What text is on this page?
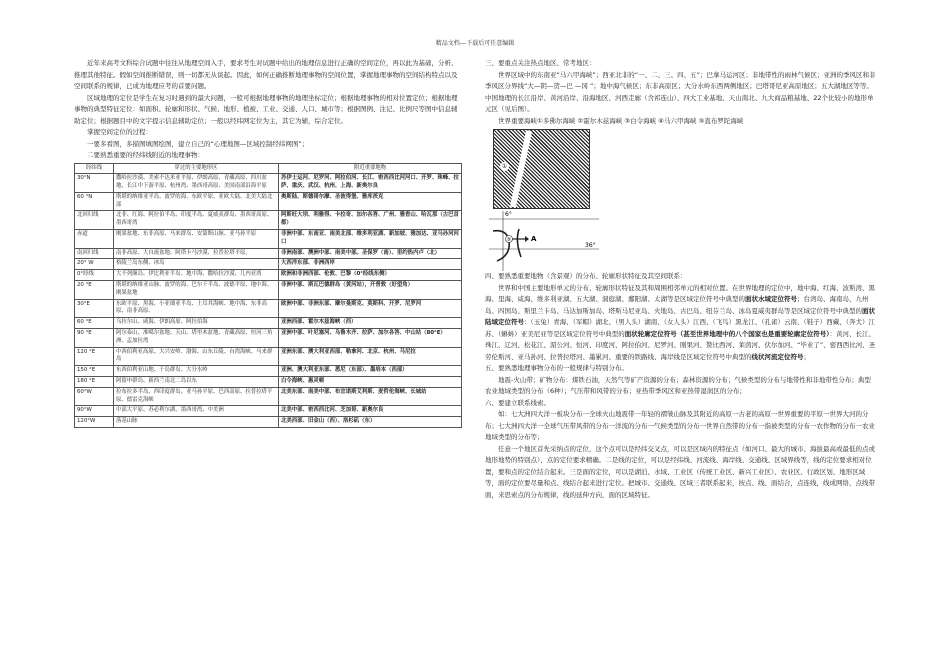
精品文档---下载后可任意编辑

近年来高考文科综合试题中往往从地理空间入手，要求考生对试题中给出的地理信息进行正确的空间定位，再以此为基础，分析、推理其他特征。假如空间推断错误，则一切都无从谈起。因此，如何正确推断地理事物的空间位置，掌握地理事物的空间结构特点以及空间联系的规律，已成为地理应考的首要问题。

区域地理的定位是学生在复习时遇到的最大问题，一般可根据地理事物的地理坐标定位；根据地理事物的相对位置定位；根据地理事物的典型特征定位：如面积、轮廓和形状、气候、地形、植被、工业、交通、人口、城市等；根据图例、注记、比例尺等图中信息辅助定位；根据题目中的文字提示信息辅助定位；一般以经纬网定位为主，其它为辅，综合定位。

掌握空间定位的过程：

一要多看图，多描图填图绘图，建立自己的“心理地图—区域控制经纬网图”；

二要熟悉重要的经纬线附近的地理事物：

经纬线	穿过的主要地形区	附近重要地物
30°N	撒哈拉沙漠、美索不达米亚平原、伊朗高原、青藏高原、四川盆地、长江中下游平原、杭州湾、墨西哥高原、美国南部沿海平原	苏伊士运河、尼罗河、阿拉伯河、长江、密西西比河河口、开罗、珠峰、拉萨、重庆、武汉、杭州、上海、新奥尔良
60 °N	斯堪的纳维亚半岛、波罗的海、东欧平原、亚欧大陆、北美大陆北部	奥斯陆、斯德哥尔摩、圣彼得堡、雅库茨克
北回归线	北非、红海、阿拉伯半岛、印度半岛、夏威夷群岛、墨西哥高原、墨西哥湾	阿斯旺大坝、利雅得、卡拉奇、加尔各答、广州、雅香山、哈瓦那（古巴首都）
赤道	刚果盆地、东非高原、马来群岛、安第斯山脉、亚马孙平原	非洲中部、东南亚、南美北部、维多利亚湖、新加坡、雅加达、亚马孙河河口
南回归线	南非高原、大自流盆地、阿塔卡马沙漠、拉普拉塔平原。	非洲南部、澳洲中部、南美中部。圣保罗（南）、里约热内卢（北）
20° W	格陵兰岛东侧、冰岛	大西洋东部、非洲西岸
0°经线	大不列颠岛、伊比利亚半岛、地中海、撒哈拉沙漠、几内亚湾	欧洲和非洲西部、伦敦、巴黎（0°经线东侧）
20 °E	斯堪的纳维亚山脉、波罗的海、巴尔干半岛、波德平原、地中海、刚果盆地	非洲中部、斯瓦巴德群岛（黄河站），开普敦（好望角）
30°E	东欧平原、黑海、小亚细亚半岛、土耳其海峡、地中海、东非高原、南非高原、	欧洲中部、非洲东部、摩尔曼斯克、莫斯科、开罗、尼罗河
60 °E	乌拉尔山、咸海、伊朗高原、阿拉伯海	亚洲西部、霍尔木兹海峡（西）
90 °E	阿尔泰山、准噶尔盆地、天山、塔里木盆地、青藏高原、恒河三角洲、孟加拉湾	亚洲中部、叶尼塞河、乌鲁木齐、拉萨、加尔各答、中山站（80°E）
120 °E	中西伯利亚高原、大兴安岭、渤海、山东丘陵、台湾海峡、马来群岛	亚洲东部、澳大利亚西部、勒拿河、北京、杭州、马尼拉
150 °E	东西伯利亚山地、千岛群岛、大分水岭	亚洲、澳大利亚东部、悉尼（东部）、墨培本（西部）
180 °E	阿留申群岛、新西兰南北二岛以东	白令海峡、惠灵顿
60°W	拉布拉多半岛、西印度群岛、亚马孙平原、巴西高原、拉普拉塔平原、德雷克海峡	北美东部、南美中部、布宜诺斯艾利斯、麦哲伦海峡、长城站
90°W	中部大平原、苏必利尔湖、墨西哥湾、中美洲	北美中部、密西西比河、芝加哥、新奥尔良
120°W	落基山脉	北美西部、旧金山（西）、洛杉矶（东）

三、要重点关注热点地区、常考地区：

世界区域中的东南亚“马六甲海峡”；西亚北非的“一、二、三、四、五”；巴拿马运河区；非地带性的雨林气候区；亚洲的季风区和非季风区分界线“大—阴—贺—巴 —冈 ”；地中海气候区；东非高原区；大分水岭东西两侧地区；巴塔哥尼亚高原地区；五大湖地区等等。 中国地理的长江沿岸、黄河沿岸、沿海地区、河西走廊（含祁连山）、四大工业基地、天山南北、九大商品粮基地、22个比较小的地形单元区（见后图）。

世界重要海峡①多佛尔海峡 ②霍尔木兹海峡 ③白令海峡 ④马六甲海峡 ⑤直布罗陀海峡

①
⑤
6°
36°
A

四、要熟悉重要地物（含景观）的分布、轮廓形状特征及其空间联系：

世界和中国主要地形单元的分布、轮廓形状特征及其和周围相邻单元的相对位置。在世界地理的定位中，地中海、红海、波斯湾、黑海、里海、咸海、维多利亚湖、五大湖、洞庭湖、鄱阳湖、太湖等是区域定位符号中典型的面状水域定位符号；台湾岛、海南岛、九州岛、四国岛、斯里兰卡岛、马达加斯加岛、塔斯马尼亚岛、火地岛、古巴岛、纽芬兰岛、冰岛夏威夷群岛等是区域定位符号中典型的面状陆域定位符号：（玉兔）青海、（军帽）湖北、（男人头）湖南、（女人头）江西、（飞鸟）黑龙江、（孔雀）云南、（鞋子）西藏、（奔犬）江苏、（蝌蚪）亚美尼亚等是区域定位符号中典型的面状轮廓定位符号（甚至世界地理中的八个国家也是重要轮廓定位符号）：黄河、长江、珠江、辽河、松花江、湄公河、恒河、印度河、阿拉伯河、尼罗河、刚果河、赞比西河、莱茵河、伏尔加河、“毕业了”、密西西比河、圣劳伦斯河、亚马孙河、拉普拉塔河、墨累河、重要的铁路线、海岸线是区域定位符号中典型的线状河流定位符号；

五、要熟悉地理事物分布的一般规律与特别分布。

地震-火山带；矿物分布：煤铁石油，天然气等矿产资源的分布；森林资源的分布；气候类型的分布与地带性和非地带性分布；典型农业地域类型的分布（6种）；气压带和风带的分布；亚热带季风区和亚热带湿润区的分布；

六、要建立联系线索。

如：七大洲四大洋一板块分布一全球火山地震带一年轻的褶皱山脉及其附近的高原一古老的高原一世界重要的平原一世界大河的分布；七大洲四大洋一全球气压带风带的分布一洋流的分布一气候类型的分布一世界自然带的分布一指被类型的分布一农作物的分布一农业地域类型的分布等；

任意一个地区首先采纳点的定位，这个点可以是经纬交叉点，可以是区域内的特征点（如河口、最大的城市、海拔最高或最低的点或地形地势的特别点），点的定位要求精确。二是线的定位，可以是经纬线、河流线、海岸线、交通线、区域界线等，线的定位要求相对位置，要和点的定位结合起来。三是面的定位，可以是湖泊、水域、工业区（传统工业区、新兴工业区）、农业区、行政区划、地形区域等，面的定位要尽量和点、线结合起来进行定位。把城市、交通线、区域三者联系起来，按点、线、面结合，点连线，线成网络，点线带面，来思索点的分布规律，线的延伸方向，面的区域特征。
